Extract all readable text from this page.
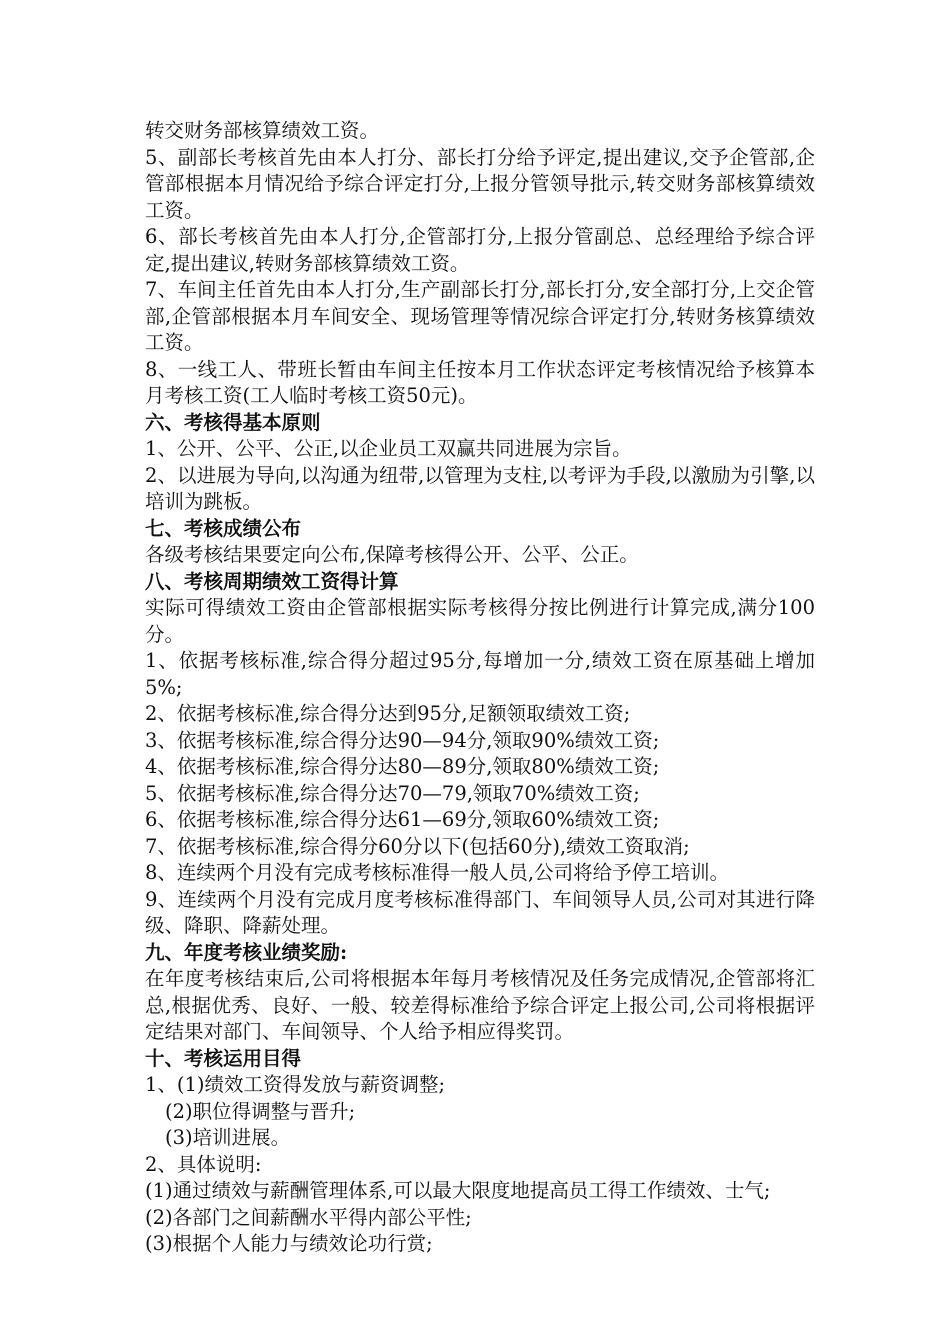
转交财务部核算绩效工资。

5、副部长考核首先由本人打分、部长打分给予评定,提出建议,交予企管部,企管部根据本月情况给予综合评定打分,上报分管领导批示,转交财务部核算绩效工资。

6、部长考核首先由本人打分,企管部打分,上报分管副总、总经理给予综合评定,提出建议,转财务部核算绩效工资。

7、车间主任首先由本人打分,生产副部长打分,部长打分,安全部打分,上交企管部,企管部根据本月车间安全、现场管理等情况综合评定打分,转财务核算绩效工资。

8、一线工人、带班长暂由车间主任按本月工作状态评定考核情况给予核算本月考核工资(工人临时考核工资50元)。

六、考核得基本原则

1、公开、公平、公正,以企业员工双赢共同进展为宗旨。

2、以进展为导向,以沟通为纽带,以管理为支柱,以考评为手段,以激励为引擎,以培训为跳板。

七、考核成绩公布

各级考核结果要定向公布,保障考核得公开、公平、公正。

八、考核周期绩效工资得计算

实际可得绩效工资由企管部根据实际考核得分按比例进行计算完成,满分100分。

1、依据考核标准,综合得分超过95分,每增加一分,绩效工资在原基础上增加5%;

2、依据考核标准,综合得分达到95分,足额领取绩效工资;

3、依据考核标准,综合得分达90—94分,领取90%绩效工资;

4、依据考核标准,综合得分达80—89分,领取80%绩效工资;

5、依据考核标准,综合得分达70—79,领取70%绩效工资;

6、依据考核标准,综合得分达61—69分,领取60%绩效工资;

7、依据考核标准,综合得分60分以下(包括60分),绩效工资取消;

8、连续两个月没有完成考核标准得一般人员,公司将给予停工培训。

9、连续两个月没有完成月度考核标准得部门、车间领导人员,公司对其进行降级、降职、降薪处理。

九、年度考核业绩奖励:

在年度考核结束后,公司将根据本年每月考核情况及任务完成情况,企管部将汇总,根据优秀、良好、一般、较差得标准给予综合评定上报公司,公司将根据评定结果对部门、车间领导、个人给予相应得奖罚。

十、考核运用目得

1、(1)绩效工资得发放与薪资调整;

(2)职位得调整与晋升;

(3)培训进展。

2、具体说明:

(1)通过绩效与薪酬管理体系,可以最大限度地提高员工得工作绩效、士气;

(2)各部门之间薪酬水平得内部公平性;

(3)根据个人能力与绩效论功行赏;
